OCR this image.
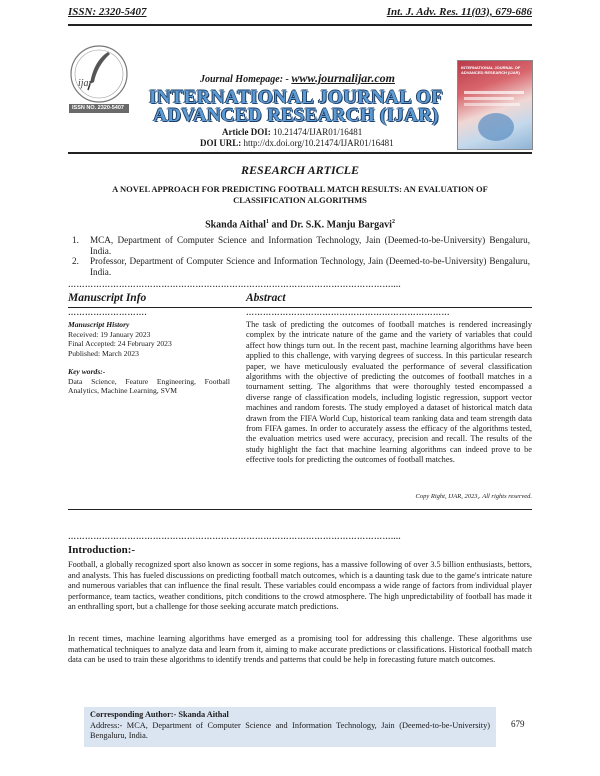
ISSN: 2320-5407	Int. J. Adv. Res. 11(03), 679-686
ijar
ISSN NO. 2320-5407
INTERNATIONAL JOURNAL OF ADVANCED RESEARCH (IJAR)
Journal Homepage: - www.journalijar.com
INTERNATIONAL JOURNAL OF ADVANCED RESEARCH (IJAR)
Article DOI: 10.21474/IJAR01/16481
DOI URL: http://dx.doi.org/10.21474/IJAR01/16481
RESEARCH ARTICLE
A NOVEL APPROACH FOR PREDICTING FOOTBALL MATCH RESULTS: AN EVALUATION OF CLASSIFICATION ALGORITHMS
Skanda Aithal$^1$ and Dr. S.K. Manju Bargavi$^2$
1. MCA, Department of Computer Science and Information Technology, Jain (Deemed-to-be-University) Bengaluru, India.
2. Professor, Department of Computer Science and Information Technology, Jain (Deemed-to-be-University) Bengaluru, India.
……………………………………………………………………………………………………....
Manuscript Info	Abstract
……………………….	………………………………………………………………
Manuscript History
Received: 19 January 2023
Final Accepted: 24 February 2023
Published: March 2023
Key words:-
Data Science, Feature Engineering, Football Analytics, Machine Learning, SVM
The task of predicting the outcomes of football matches is rendered increasingly complex by the intricate nature of the game and the variety of variables that could affect how things turn out. In the recent past, machine learning algorithms have been applied to this challenge, with varying degrees of success. In this particular research paper, we have meticulously evaluated the performance of several classification algorithms with the objective of predicting the outcomes of football matches in a tournament setting. The algorithms that were thoroughly tested encompassed a diverse range of classification models, including logistic regression, support vector machines and random forests. The study employed a dataset of historical match data drawn from the FIFA World Cup, historical team ranking data and team strength data from FIFA games. In order to accurately assess the efficacy of the algorithms tested, the evaluation metrics used were accuracy, precision and recall. The results of the study highlight the fact that machine learning algorithms can indeed prove to be effective tools for predicting the outcomes of football matches.
Copy Right, IJAR, 2023,. All rights reserved.
……………………………………………………………………………………………………....
Introduction:-
Football, a globally recognized sport also known as soccer in some regions, has a massive following of over 3.5 billion enthusiasts, bettors, and analysts. This has fueled discussions on predicting football match outcomes, which is a daunting task due to the game's intricate nature and numerous variables that can influence the final result. These variables could encompass a wide range of factors from individual player performance, team tactics, weather conditions, pitch conditions to the crowd atmosphere. The high unpredictability of football has made it an enthralling sport, but a challenge for those seeking accurate match predictions.
In recent times, machine learning algorithms have emerged as a promising tool for addressing this challenge. These algorithms use mathematical techniques to analyze data and learn from it, aiming to make accurate predictions or classifications. Historical football match data can be used to train these algorithms to identify trends and patterns that could be help in forecasting future match outcomes.
Corresponding Author:- Skanda Aithal
Address:- MCA, Department of Computer Science and Information Technology, Jain (Deemed-to-be-University) Bengaluru, India.
679
